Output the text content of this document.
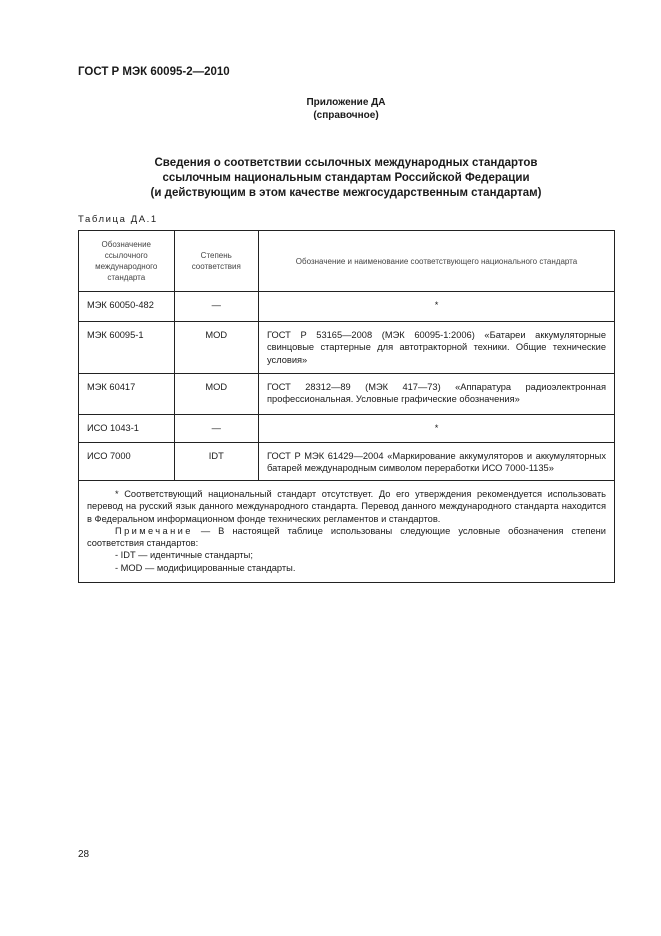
ГОСТ Р МЭК 60095-2—2010
Приложение ДА
(справочное)
Сведения о соответствии ссылочных международных стандартов
ссылочным национальным стандартам Российской Федерации
(и действующим в этом качестве межгосударственным стандартам)
Таблица ДА.1
Обозначение ссылочного международного стандарта	Степень соответствия	Обозначение и наименование соответствующего национального стандарта
МЭК 60050-482	—	*
МЭК 60095-1	MOD	ГОСТ Р 53165—2008 (МЭК 60095-1:2006) «Батареи аккумуляторные свинцовые стартерные для автотракторной техники. Общие технические условия»
МЭК 60417	MOD	ГОСТ 28312—89 (МЭК 417—73) «Аппаратура радиоэлектронная профессиональная. Условные графические обозначения»
ИСО 1043-1	—	*
ИСО 7000	IDT	ГОСТ Р МЭК 61429—2004 «Маркирование аккумуляторов и аккумуляторных батарей международным символом переработки ИСО 7000-1135»

* Соответствующий национальный стандарт отсутствует. До его утверждения рекомендуется использовать перевод на русский язык данного международного стандарта. Перевод данного международного стандарта находится в Федеральном информационном фонде технических регламентов и стандартов.

Примечание — В настоящей таблице использованы следующие условные обозначения степени соответствия стандартов:

- IDT — идентичные стандарты;

- MOD — модифицированные стандарты.		

28
